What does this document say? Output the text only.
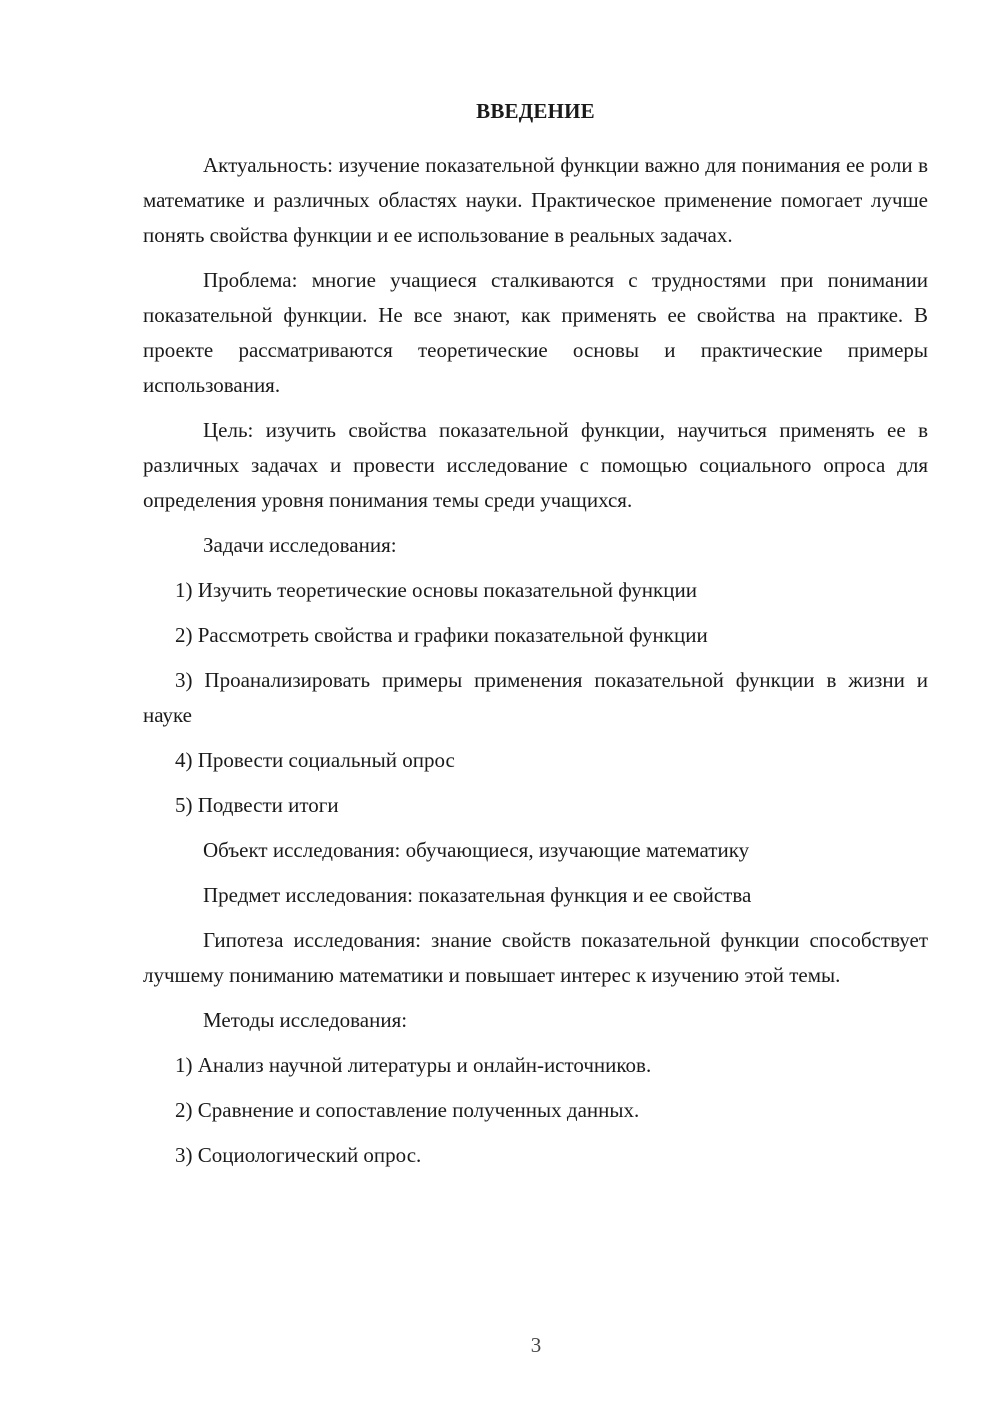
ВВЕДЕНИЕ

Актуальность: изучение показательной функции важно для понимания ее роли в математике и различных областях науки. Практическое применение помогает лучше понять свойства функции и ее использование в реальных задачах.

Проблема: многие учащиеся сталкиваются с трудностями при понимании показательной функции. Не все знают, как применять ее свойства на практике. В проекте рассматриваются теоретические основы и практические примеры использования.

Цель: изучить свойства показательной функции, научиться применять ее в различных задачах и провести исследование с помощью социального опроса для определения уровня понимания темы среди учащихся.

Задачи исследования:

1) Изучить теоретические основы показательной функции

2) Рассмотреть свойства и графики показательной функции

3) Проанализировать примеры применения показательной функции в жизни и науке

4) Провести социальный опрос

5) Подвести итоги

Объект исследования: обучающиеся, изучающие математику

Предмет исследования: показательная функция и ее свойства

Гипотеза исследования: знание свойств показательной функции способствует лучшему пониманию математики и повышает интерес к изучению этой темы.

Методы исследования:

1) Анализ научной литературы и онлайн-источников.

2) Сравнение и сопоставление полученных данных.

3) Социологический опрос.

3
